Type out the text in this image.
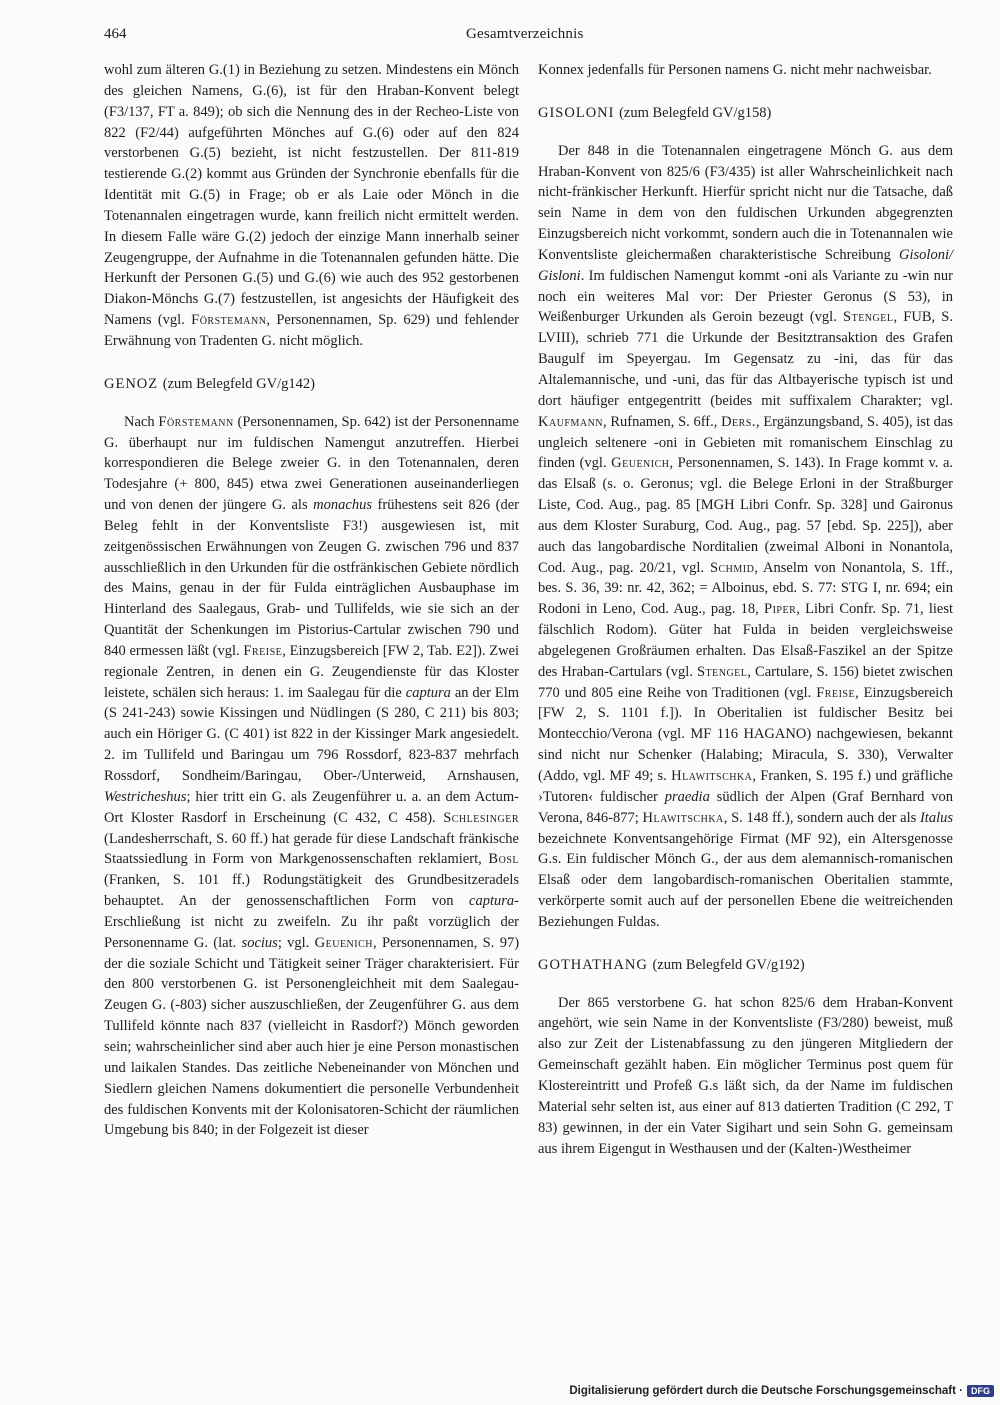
464	Gesamtverzeichnis

wohl zum älteren G.(1) in Beziehung zu setzen. Mindestens ein Mönch des gleichen Namens, G.(6), ist für den Hraban-Konvent belegt (F3/137, FT a. 849); ob sich die Nennung des in der Recheo-Liste von 822 (F2/44) aufgeführten Mönches auf G.(6) oder auf den 824 verstorbenen G.(5) bezieht, ist nicht festzustellen. Der 811-819 testierende G.(2) kommt aus Gründen der Synchronie ebenfalls für die Identität mit G.(5) in Frage; ob er als Laie oder Mönch in die Totenannalen eingetragen wurde, kann freilich nicht ermittelt werden. In diesem Falle wäre G.(2) jedoch der einzige Mann innerhalb seiner Zeugengruppe, der Aufnahme in die Totenannalen gefunden hätte. Die Herkunft der Personen G.(5) und G.(6) wie auch des 952 gestorbenen Diakon-Mönchs G.(7) festzustellen, ist angesichts der Häufigkeit des Namens (vgl. Förstemann, Personennamen, Sp. 629) und fehlender Erwähnung von Tradenten G. nicht möglich.

GENOZ (zum Belegfeld GV/g142)

Nach Förstemann (Personennamen, Sp. 642) ist der Personenname G. überhaupt nur im fuldischen Namengut anzutreffen. Hierbei korrespondieren die Belege zweier G. in den Totenannalen, deren Todesjahre (+ 800, 845) etwa zwei Generationen auseinanderliegen und von denen der jüngere G. als monachus frühestens seit 826 (der Beleg fehlt in der Konventsliste F3!) ausgewiesen ist, mit zeitgenössischen Erwähnungen von Zeugen G. zwischen 796 und 837 ausschließlich in den Urkunden für die ostfränkischen Gebiete nördlich des Mains, genau in der für Fulda einträglichen Ausbauphase im Hinterland des Saalegaus, Grab- und Tullifelds, wie sie sich an der Quantität der Schenkungen im Pistorius-Cartular zwischen 790 und 840 ermessen läßt (vgl. Freise, Einzugsbereich [FW 2, Tab. E2]). Zwei regionale Zentren, in denen ein G. Zeugendienste für das Kloster leistete, schälen sich heraus: 1. im Saalegau für die captura an der Elm (S 241-243) sowie Kissingen und Nüdlingen (S 280, C 211) bis 803; auch ein Höriger G. (C 401) ist 822 in der Kissinger Mark angesiedelt. 2. im Tullifeld und Baringau um 796 Rossdorf, 823-837 mehrfach Rossdorf, Sondheim/Baringau, Ober-/Unterweid, Arnshausen, Westricheshus; hier tritt ein G. als Zeugenführer u. a. an dem Actum-Ort Kloster Rasdorf in Erscheinung (C 432, C 458). Schlesinger (Landesherrschaft, S. 60 ff.) hat gerade für diese Landschaft fränkische Staatssiedlung in Form von Markgenossenschaften reklamiert, Bosl (Franken, S. 101 ff.) Rodungstätigkeit des Grundbesitzeradels behauptet. An der genossenschaftlichen Form von captura-Erschließung ist nicht zu zweifeln. Zu ihr paßt vorzüglich der Personenname G. (lat. socius; vgl. Geuenich, Personennamen, S. 97) der die soziale Schicht und Tätigkeit seiner Träger charakterisiert. Für den 800 verstorbenen G. ist Personengleichheit mit dem Saalegau-Zeugen G. (-803) sicher auszuschließen, der Zeugenführer G. aus dem Tullifeld könnte nach 837 (vielleicht in Rasdorf?) Mönch geworden sein; wahrscheinlicher sind aber auch hier je eine Person monastischen und laikalen Standes. Das zeitliche Nebeneinander von Mönchen und Siedlern gleichen Namens dokumentiert die personelle Verbundenheit des fuldischen Konvents mit der Kolonisatoren-Schicht der räumlichen Umgebung bis 840; in der Folgezeit ist dieser

Konnex jedenfalls für Personen namens G. nicht mehr nachweisbar.

GISOLONI (zum Belegfeld GV/g158)

Der 848 in die Totenannalen eingetragene Mönch G. aus dem Hraban-Konvent von 825/6 (F3/435) ist aller Wahrscheinlichkeit nach nicht-fränkischer Herkunft. Hierfür spricht nicht nur die Tatsache, daß sein Name in dem von den fuldischen Urkunden abgegrenzten Einzugsbereich nicht vorkommt, sondern auch die in Totenannalen wie Konventsliste gleichermaßen charakteristische Schreibung Gisoloni/ Gisloni. Im fuldischen Namengut kommt -oni als Variante zu -win nur noch ein weiteres Mal vor: Der Priester Geronus (S 53), in Weißenburger Urkunden als Geroin bezeugt (vgl. Stengel, FUB, S. LVIII), schrieb 771 die Urkunde der Besitztransaktion des Grafen Baugulf im Speyergau. Im Gegensatz zu -ini, das für das Altalemannische, und -uni, das für das Altbayerische typisch ist und dort häufiger entgegentritt (beides mit suffixalem Charakter; vgl. Kaufmann, Rufnamen, S. 6ff., Ders., Ergänzungsband, S. 405), ist das ungleich seltenere -oni in Gebieten mit romanischem Einschlag zu finden (vgl. Geuenich, Personennamen, S. 143). In Frage kommt v. a. das Elsaß (s. o. Geronus; vgl. die Belege Erloni in der Straßburger Liste, Cod. Aug., pag. 85 [MGH Libri Confr. Sp. 328] und Gaironus aus dem Kloster Suraburg, Cod. Aug., pag. 57 [ebd. Sp. 225]), aber auch das langobardische Norditalien (zweimal Alboni in Nonantola, Cod. Aug., pag. 20/21, vgl. Schmid, Anselm von Nonantola, S. 1ff., bes. S. 36, 39: nr. 42, 362; = Alboinus, ebd. S. 77: STG I, nr. 694; ein Rodoni in Leno, Cod. Aug., pag. 18, Piper, Libri Confr. Sp. 71, liest fälschlich Rodom). Güter hat Fulda in beiden vergleichsweise abgelegenen Großräumen erhalten. Das Elsaß-Faszikel an der Spitze des Hraban-Cartulars (vgl. Stengel, Cartulare, S. 156) bietet zwischen 770 und 805 eine Reihe von Traditionen (vgl. Freise, Einzugsbereich [FW 2, S. 1101 f.]). In Oberitalien ist fuldischer Besitz bei Montecchio/Verona (vgl. MF 116 HAGANO) nachgewiesen, bekannt sind nicht nur Schenker (Halabing; Miracula, S. 330), Verwalter (Addo, vgl. MF 49; s. Hlawitschka, Franken, S. 195 f.) und gräfliche ›Tutoren‹ fuldischer praedia südlich der Alpen (Graf Bernhard von Verona, 846-877; Hlawitschka, S. 148 ff.), sondern auch der als Italus bezeichnete Konventsangehörige Firmat (MF 92), ein Altersgenosse G.s. Ein fuldischer Mönch G., der aus dem alemannisch-romanischen Elsaß oder dem langobardisch-romanischen Oberitalien stammte, verkörperte somit auch auf der personellen Ebene die weitreichenden Beziehungen Fuldas.

GOTHATHANG (zum Belegfeld GV/g192)

Der 865 verstorbene G. hat schon 825/6 dem Hraban-Konvent angehört, wie sein Name in der Konventsliste (F3/280) beweist, muß also zur Zeit der Listenabfassung zu den jüngeren Mitgliedern der Gemeinschaft gezählt haben. Ein möglicher Terminus post quem für Klostereintritt und Profeß G.s läßt sich, da der Name im fuldischen Material sehr selten ist, aus einer auf 813 datierten Tradition (C 292, T 83) gewinnen, in der ein Vater Sigihart und sein Sohn G. gemeinsam aus ihrem Eigengut in Westhausen und der (Kalten-)Westheimer

Digitalisierung gefördert durch die Deutsche Forschungsgemeinschaft · DFG
